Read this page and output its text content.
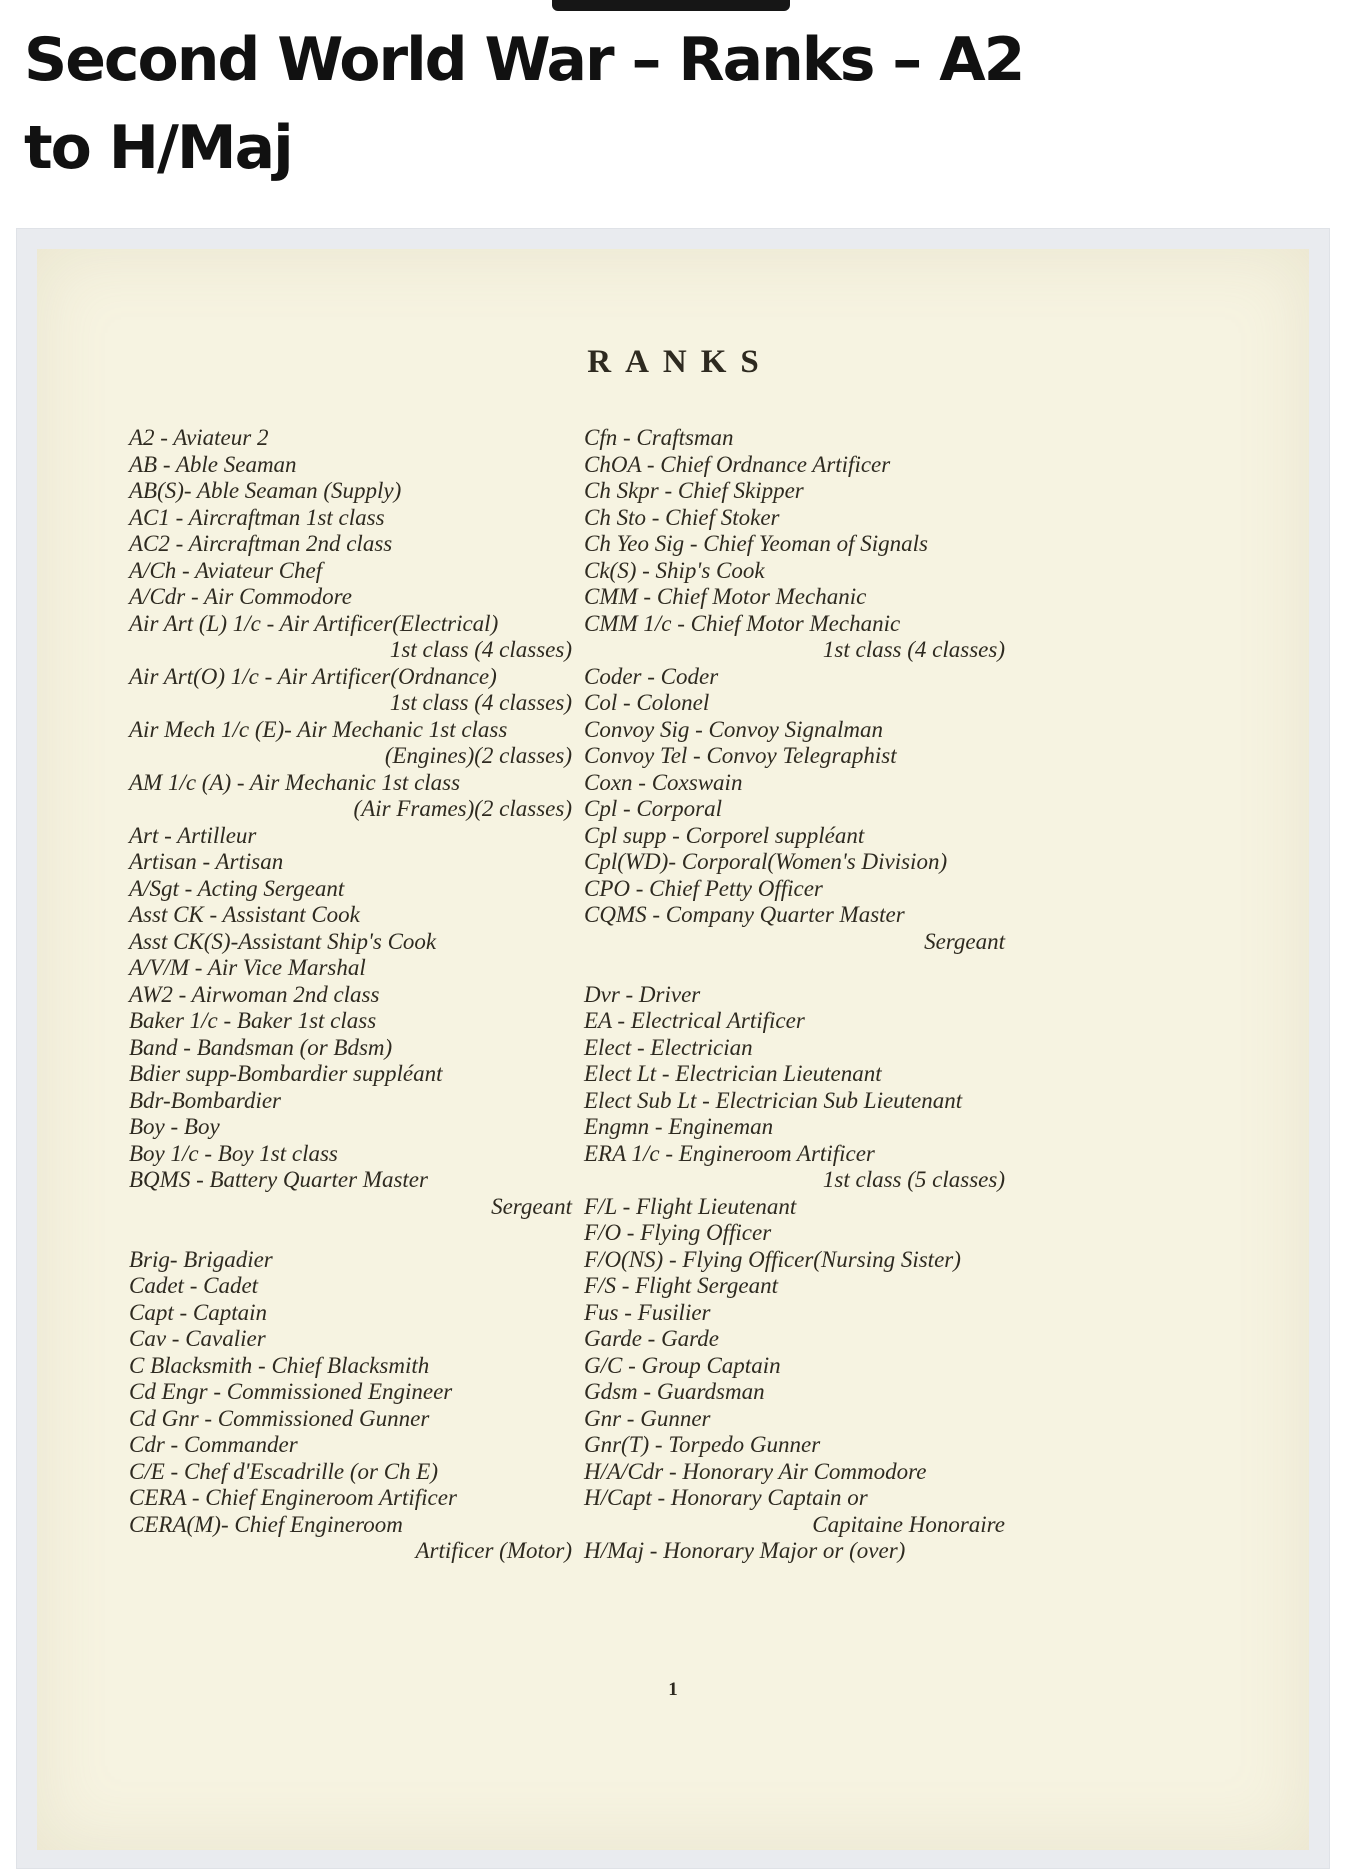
Second World War – Ranks – A2
to H/Maj
RANKS
A2 - Aviateur 2
AB - Able Seaman
AB(S)- Able Seaman (Supply)
AC1 - Aircraftman 1st class
AC2 - Aircraftman 2nd class
A/Ch - Aviateur Chef
A/Cdr - Air Commodore
Air Art (L) 1/c - Air Artificer(Electrical)
1st class (4 classes)
Air Art(O) 1/c - Air Artificer(Ordnance)
1st class (4 classes)
Air Mech 1/c (E)- Air Mechanic 1st class
(Engines)(2 classes)
AM 1/c (A) - Air Mechanic 1st class
(Air Frames)(2 classes)
Art - Artilleur
Artisan - Artisan
A/Sgt - Acting Sergeant
Asst CK - Assistant Cook
Asst CK(S)-Assistant Ship's Cook
A/V/M - Air Vice Marshal
AW2 - Airwoman 2nd class
Baker 1/c - Baker 1st class
Band - Bandsman (or Bdsm)
Bdier supp-Bombardier suppléant
Bdr-Bombardier
Boy - Boy
Boy 1/c - Boy 1st class
BQMS - Battery Quarter Master
Sergeant
Brig- Brigadier
Cadet - Cadet
Capt - Captain
Cav - Cavalier
C Blacksmith - Chief Blacksmith
Cd Engr - Commissioned Engineer
Cd Gnr - Commissioned Gunner
Cdr - Commander
C/E - Chef d'Escadrille (or Ch E)
CERA - Chief Engineroom Artificer
CERA(M)- Chief Engineroom
Artificer (Motor)
Cfn - Craftsman
ChOA - Chief Ordnance Artificer
Ch Skpr - Chief Skipper
Ch Sto - Chief Stoker
Ch Yeo Sig - Chief Yeoman of Signals
Ck(S) - Ship's Cook
CMM - Chief Motor Mechanic
CMM 1/c - Chief Motor Mechanic
1st class (4 classes)
Coder - Coder
Col - Colonel
Convoy Sig - Convoy Signalman
Convoy Tel - Convoy Telegraphist
Coxn - Coxswain
Cpl - Corporal
Cpl supp - Corporel suppléant
Cpl(WD)- Corporal(Women's Division)
CPO - Chief Petty Officer
CQMS - Company Quarter Master
Sergeant
Dvr - Driver
EA - Electrical Artificer
Elect - Electrician
Elect Lt - Electrician Lieutenant
Elect Sub Lt - Electrician Sub Lieutenant
Engmn - Engineman
ERA 1/c - Engineroom Artificer
1st class (5 classes)
F/L - Flight Lieutenant
F/O - Flying Officer
F/O(NS) - Flying Officer(Nursing Sister)
F/S - Flight Sergeant
Fus - Fusilier
Garde - Garde
G/C - Group Captain
Gdsm - Guardsman
Gnr - Gunner
Gnr(T) - Torpedo Gunner
H/A/Cdr - Honorary Air Commodore
H/Capt - Honorary Captain or
Capitaine Honoraire
H/Maj - Honorary Major or (over)
1
